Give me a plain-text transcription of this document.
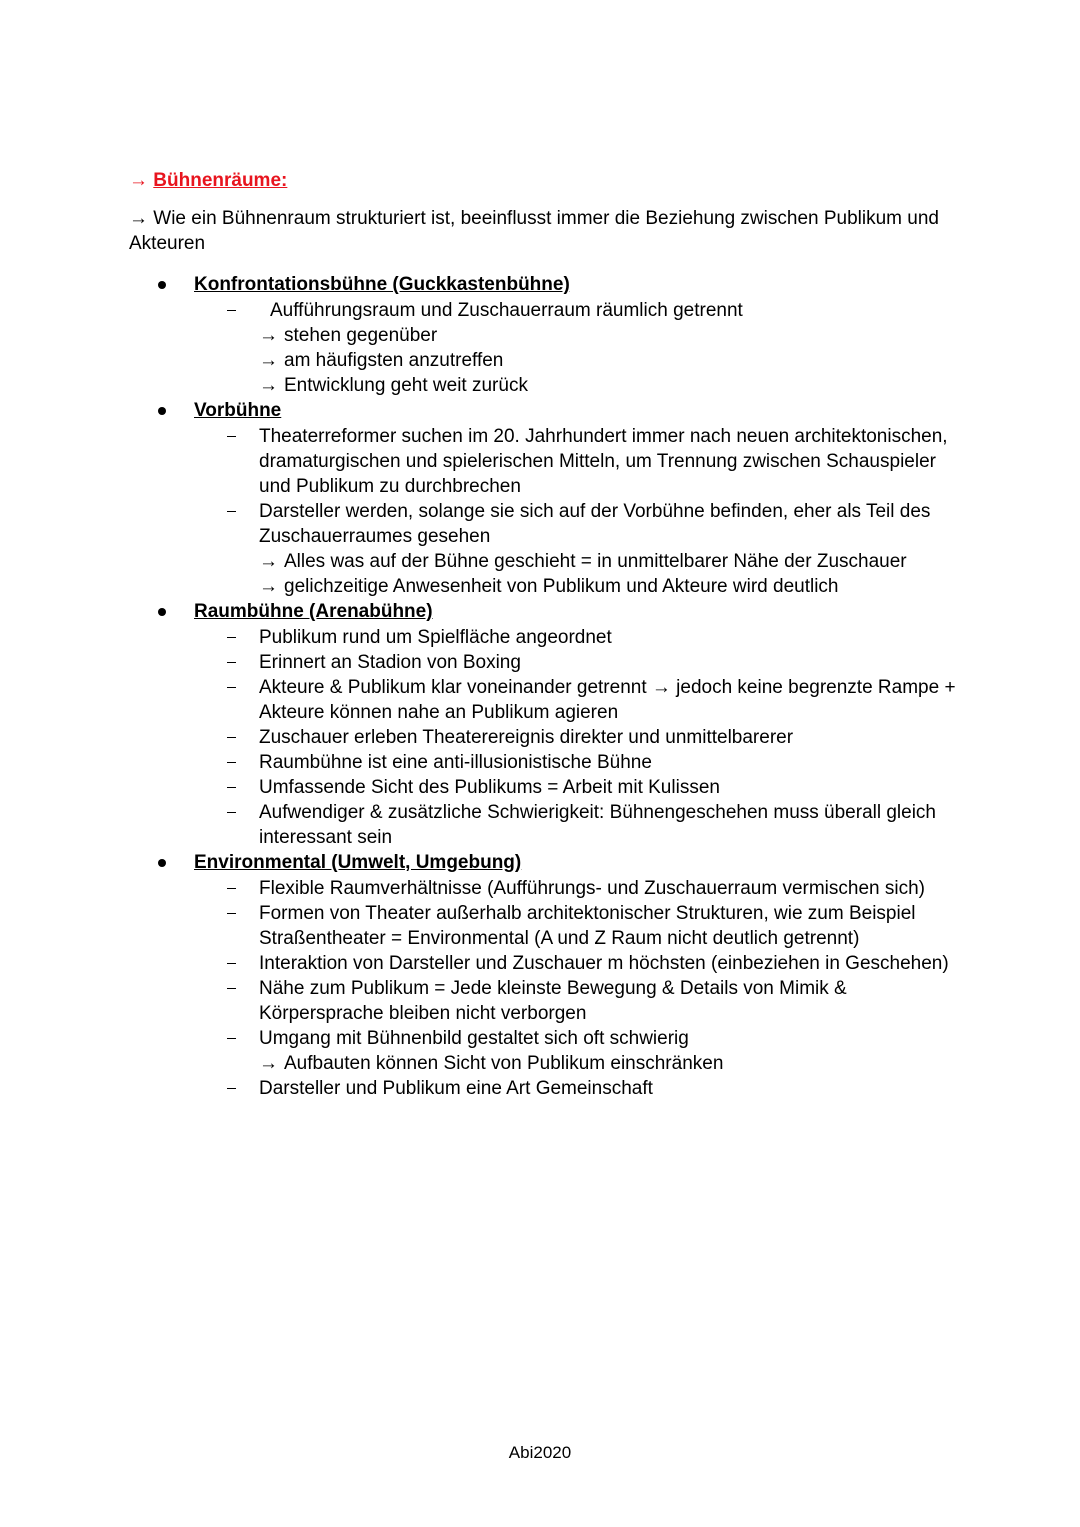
→ Bühnenräume:
→ Wie ein Bühnenraum strukturiert ist, beeinflusst immer die Beziehung zwischen Publikum und Akteuren
Konfrontationsbühne (Guckkastenbühne)
Aufführungsraum und Zuschauerraum räumlich getrennt
→ stehen gegenüber
→ am häufigsten anzutreffen
→ Entwicklung geht weit zurück
Vorbühne
Theaterreformer suchen im 20. Jahrhundert immer nach neuen architektonischen, dramaturgischen und spielerischen Mitteln, um Trennung zwischen Schauspieler und Publikum zu durchbrechen
Darsteller werden, solange sie sich auf der Vorbühne befinden, eher als Teil des Zuschauerraumes gesehen
→ Alles was auf der Bühne geschieht = in unmittelbarer Nähe der Zuschauer
→ gelichzeitige Anwesenheit von Publikum und Akteure wird deutlich
Raumbühne (Arenabühne)
Publikum rund um Spielfläche angeordnet
Erinnert an Stadion von Boxing
Akteure & Publikum klar voneinander getrennt → jedoch keine begrenzte Rampe + Akteure können nahe an Publikum agieren
Zuschauer erleben Theaterereignis direkter und unmittelbarerer
Raumbühne ist eine anti-illusionistische Bühne
Umfassende Sicht des Publikums = Arbeit mit Kulissen
Aufwendiger & zusätzliche Schwierigkeit: Bühnengeschehen muss überall gleich interessant sein
Environmental (Umwelt, Umgebung)
Flexible Raumverhältnisse (Aufführungs- und Zuschauerraum vermischen sich)
Formen von Theater außerhalb architektonischer Strukturen, wie zum Beispiel Straßentheater = Environmental (A und Z Raum nicht deutlich getrennt)
Interaktion von Darsteller und Zuschauer m höchsten (einbeziehen in Geschehen)
Nähe zum Publikum = Jede kleinste Bewegung & Details von Mimik & Körpersprache bleiben nicht verborgen
Umgang mit Bühnenbild gestaltet sich oft schwierig
→ Aufbauten können Sicht von Publikum einschränken
Darsteller und Publikum eine Art Gemeinschaft
Abi2020
